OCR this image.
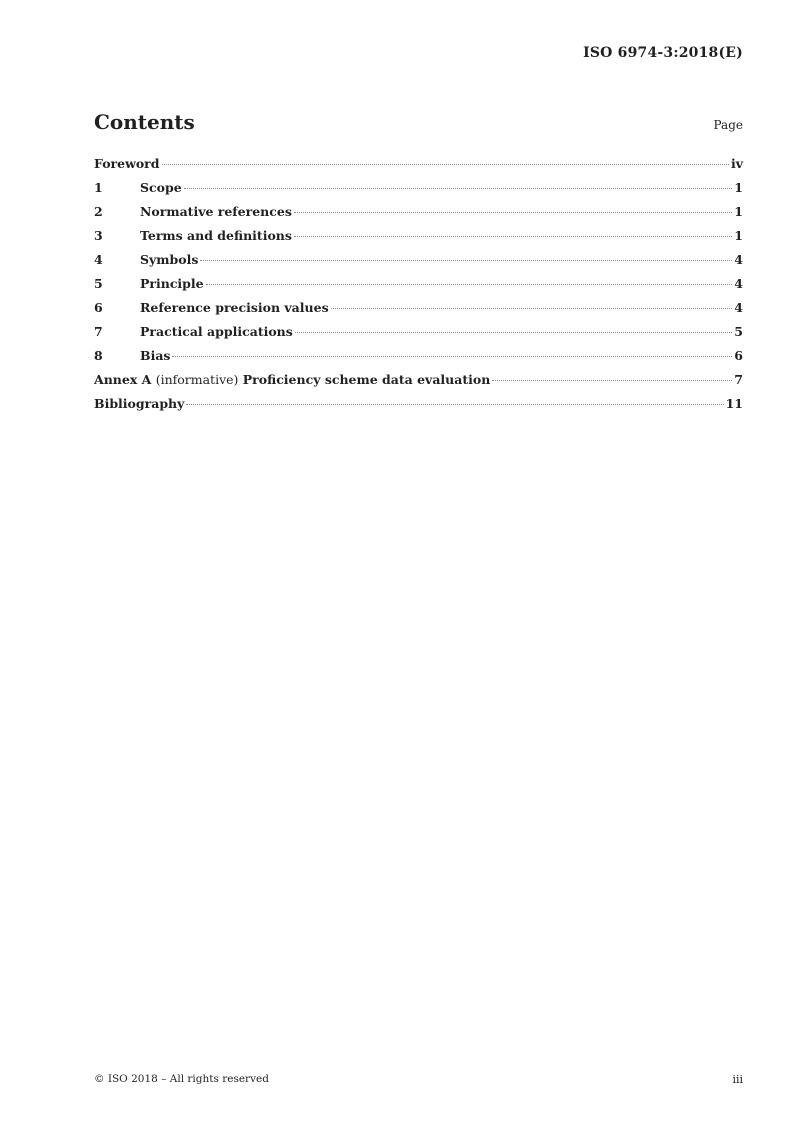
ISO 6974-3:2018(E)
Contents	Page
Foreword	iv
1	Scope	1
2	Normative references	1
3	Terms and definitions	1
4	Symbols	4
5	Principle	4
6	Reference precision values	4
7	Practical applications	5
8	Bias	6
Annex A (informative) Proficiency scheme data evaluation	7
Bibliography	11
© ISO 2018 – All rights reserved	iii
